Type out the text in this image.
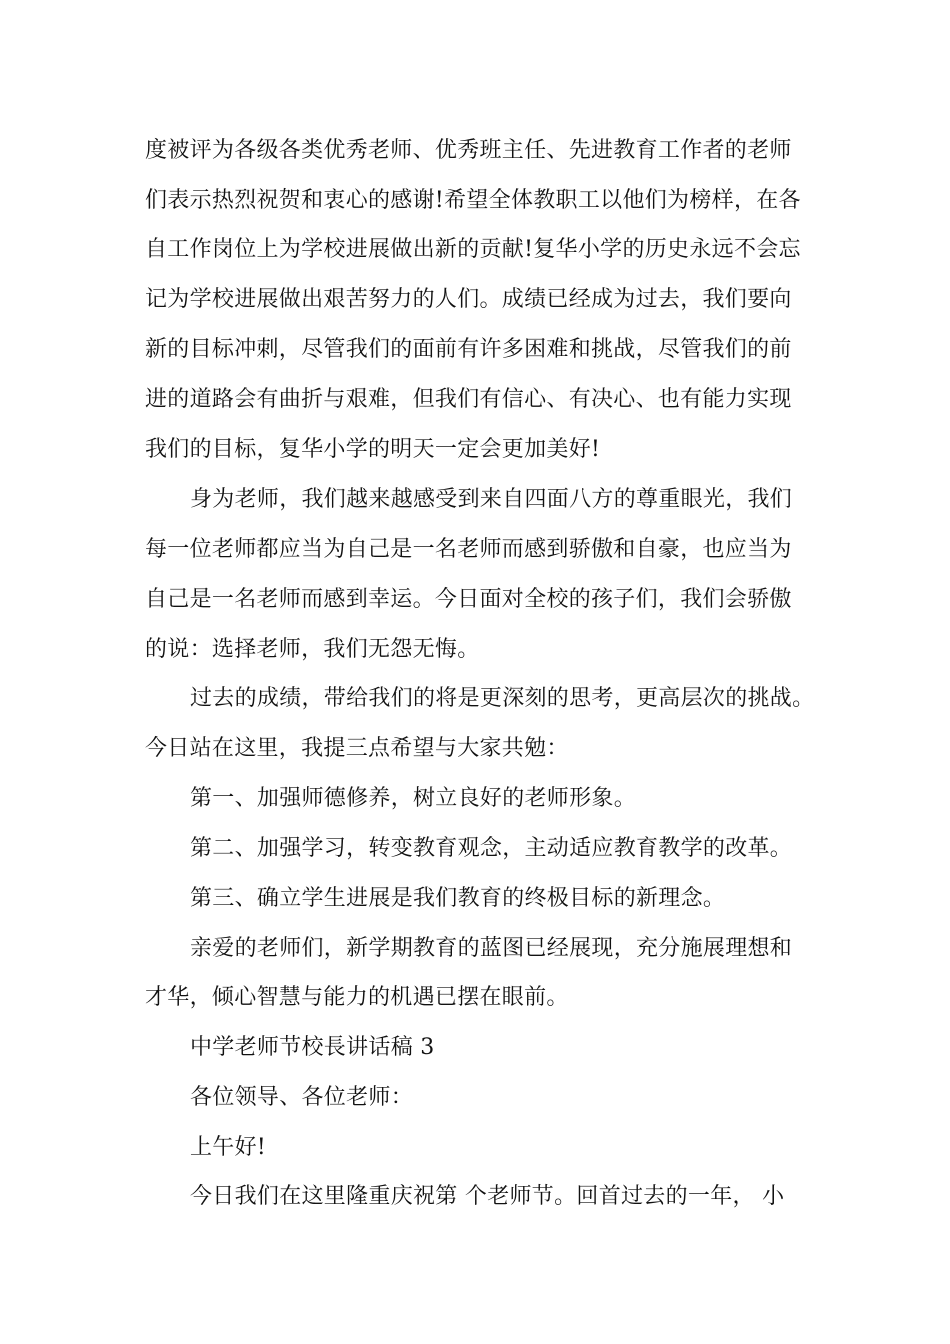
度被评为各级各类优秀老师、优秀班主任、先进教育工作者的老师
们表示热烈祝贺和衷心的感谢!希望全体教职工以他们为榜样，在各
自工作岗位上为学校进展做出新的贡献!复华小学的历史永远不会忘
记为学校进展做出艰苦努力的人们。成绩已经成为过去，我们要向
新的目标冲刺，尽管我们的面前有许多困难和挑战，尽管我们的前
进的道路会有曲折与艰难，但我们有信心、有决心、也有能力实现
我们的目标，复华小学的明天一定会更加美好!
身为老师，我们越来越感受到来自四面八方的尊重眼光，我们
每一位老师都应当为自己是一名老师而感到骄傲和自豪，也应当为
自己是一名老师而感到幸运。今日面对全校的孩子们，我们会骄傲
的说：选择老师，我们无怨无悔。
过去的成绩，带给我们的将是更深刻的思考，更高层次的挑战。
今日站在这里，我提三点希望与大家共勉：
第一、加强师德修养，树立良好的老师形象。
第二、加强学习，转变教育观念，主动适应教育教学的改革。
第三、确立学生进展是我们教育的终极目标的新理念。
亲爱的老师们，新学期教育的蓝图已经展现，充分施展理想和
才华，倾心智慧与能力的机遇已摆在眼前。
中学老师节校長讲话稿 3
各位领导、各位老师：
上午好!
今日我们在这里隆重庆祝第 个老师节。回首过去的一年， 小
